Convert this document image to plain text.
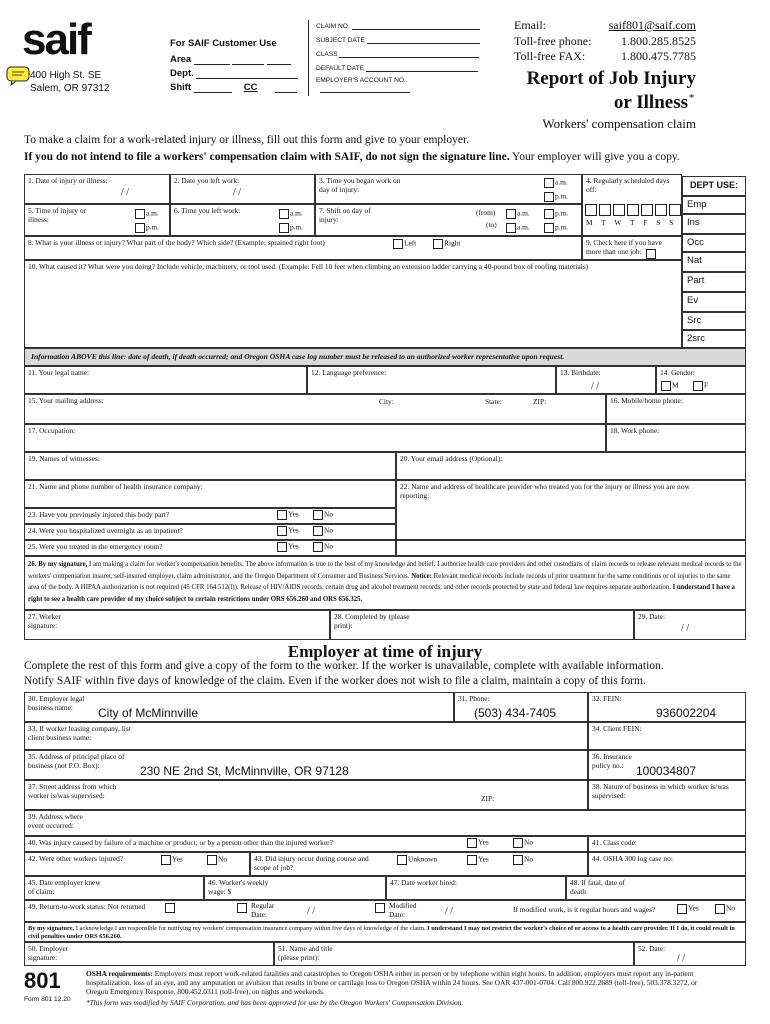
saif
400 High St. SE
Salem, OR 97312
For SAIF Customer Use
Area
Dept.
Shift	CC
CLAIM NO.
SUBJECT DATE
CLASS
DEFAULT DATE
EMPLOYER'S ACCOUNT NO.
Email:	saif801@saif.com
Toll-free phone:	1.800.285.8525
Toll-free FAX:	1.800.475.7785
Report of Job Injury
or Illness *
Workers' compensation claim
To make a claim for a work-related injury or illness, fill out this form and give to your employer.
If you do not intend to file a workers' compensation claim with SAIF, do not sign the signature line. Your employer will give you a copy.
1. Date of injury or illness:
/ /
2. Date you left work:
/ /
3. Time you began work on day of injury:
a.m.
p.m.
4. Regularly scheduled days off:
M T W T F S S
5. Time of injury or illness:
a.m.
p.m.
6. Time you left work:	a.m.
p.m.
7. Shift on day of injury:
(from)
(to)
a.m.
a.m.
p.m.
p.m.
8. What is your illness or injury? What part of the body? Which side? (Example: sprained right foot)	Left	Right	9. Check here if you have more than one job:
10. What caused it? What were you doing? Include vehicle, machinery, or tool used. (Example: Fell 10 feet when climbing an extension ladder carrying a 40-pound box of roofing materials)
DEPT USE:
Emp
Ins
Occ
Nat
Part
Ev
Src
2src
Information ABOVE this line: date of death, if death occurred; and Oregon OSHA case log number must be released to an authorized worker representative upon request.
11. Your legal name:	12. Language preference:	13. Birthdate:
/ /
14. Gender:
M	F
15. Your mailing address:	City:	State:	ZIP:	16. Mobile/home phone:
17. Occupation:	18. Work phone:
19. Names of witnesses:	20. Your email address (Optional):
21. Name and phone number of health insurance company:	22. Name and address of healthcare provider who treated you for the injury or illness you are now reporting:
23. Have you previously injured this body part?	Yes	No
24. Were you hospitalized overnight as an inpatient?	Yes	No
25. Were you treated in the emergency room?	Yes	No
26. By my signature, I am making a claim for worker's compensation benefits. The above information is true to the best of my knowledge and belief. I authorize health care providers and other custodians of claim records to release relevant medical records to the workers' compensation insurer, self-insured employer, claim administrator, and the Oregon Department of Consumer and Business Services. Notice: Relevant medical records include records of prior treatment for the same conditions or of injuries to the same area of the body. A HIPAA authorization is not required (45 CFR 164.512(l)). Release of HIV/AIDS records, certain drug and alcohol treatment records, and other records protected by state and federal law requires separate authorization. I understand I have a right to see a health care provider of my choice subject to certain restrictions under ORS 656.260 and ORS 656.325.
27. Worker signature:
28. Completed by (please print):
29. Date:
/ /
Employer at time of injury
Complete the rest of this form and give a copy of the form to the worker. If the worker is unavailable, complete with available information.
Notify SAIF within five days of knowledge of the claim. Even if the worker does not wish to file a claim, maintain a copy of this form.
30. Employer legal business name:	City of McMinnville
31. Phone:
(503) 434-7405
32. FEIN:
936002204
33. If worker leasing company, list client business name:
34. Client FEIN:
35. Address of principal place of business (not P.O. Box):	230 NE 2nd St, McMinnville, OR 97128
36. Insurance policy no.:	100034807
37. Street address from which worker is/was supervised:	ZIP:
38. Nature of business in which worker is/was supervised:
39. Address where event occurred:
40. Was injury caused by failure of a machine or product, or by a person other than the injured worker?	Yes	No	41. Class code:
42. Were other workers injured?	Yes	No	43. Did injury occur during course and scope of job?
Unknown	Yes	No	44. OSHA 300 log case no:
45. Date employer knew of claim:
46. Worker's weekly wage: $
47. Date worker hired:	48. If fatal, date of death
49. Return-to-work status: Not returned	Regular Date:	/ /
Modified Date:	/ /	If modified work, is it regular hours and wages?	Yes	No
By my signature, I acknowledge I am responsible for notifying my workers' compensation insurance company within five days of knowledge of the claim. I understand I may not restrict the worker's choice of or access to a health care provider. If I do, it could result in civil penalties under ORS 656.260.
50. Employer signature:
51. Name and title (please print):
52. Date:
/ /
801
Form 801 12.20
OSHA requirements: Employers must report work-related fatalities and catastrophes to Oregon OSHA either in person or by telephone within eight hours. In addition, employers must report any in-patient hospitalization, loss of an eye, and any amputation or avulsion that results in bone or cartilage loss to Oregon OSHA within 24 hours. See OAR 437-001-0704. Call 800.922.2689 (toll-free), 503.378.3272, or Oregon Emergency Response, 800.452.0311 (toll-free), on nights and weekends.
*This form was modified by SAIF Corporation, and has been approved for use by the Oregon Workers' Compensation Division.
